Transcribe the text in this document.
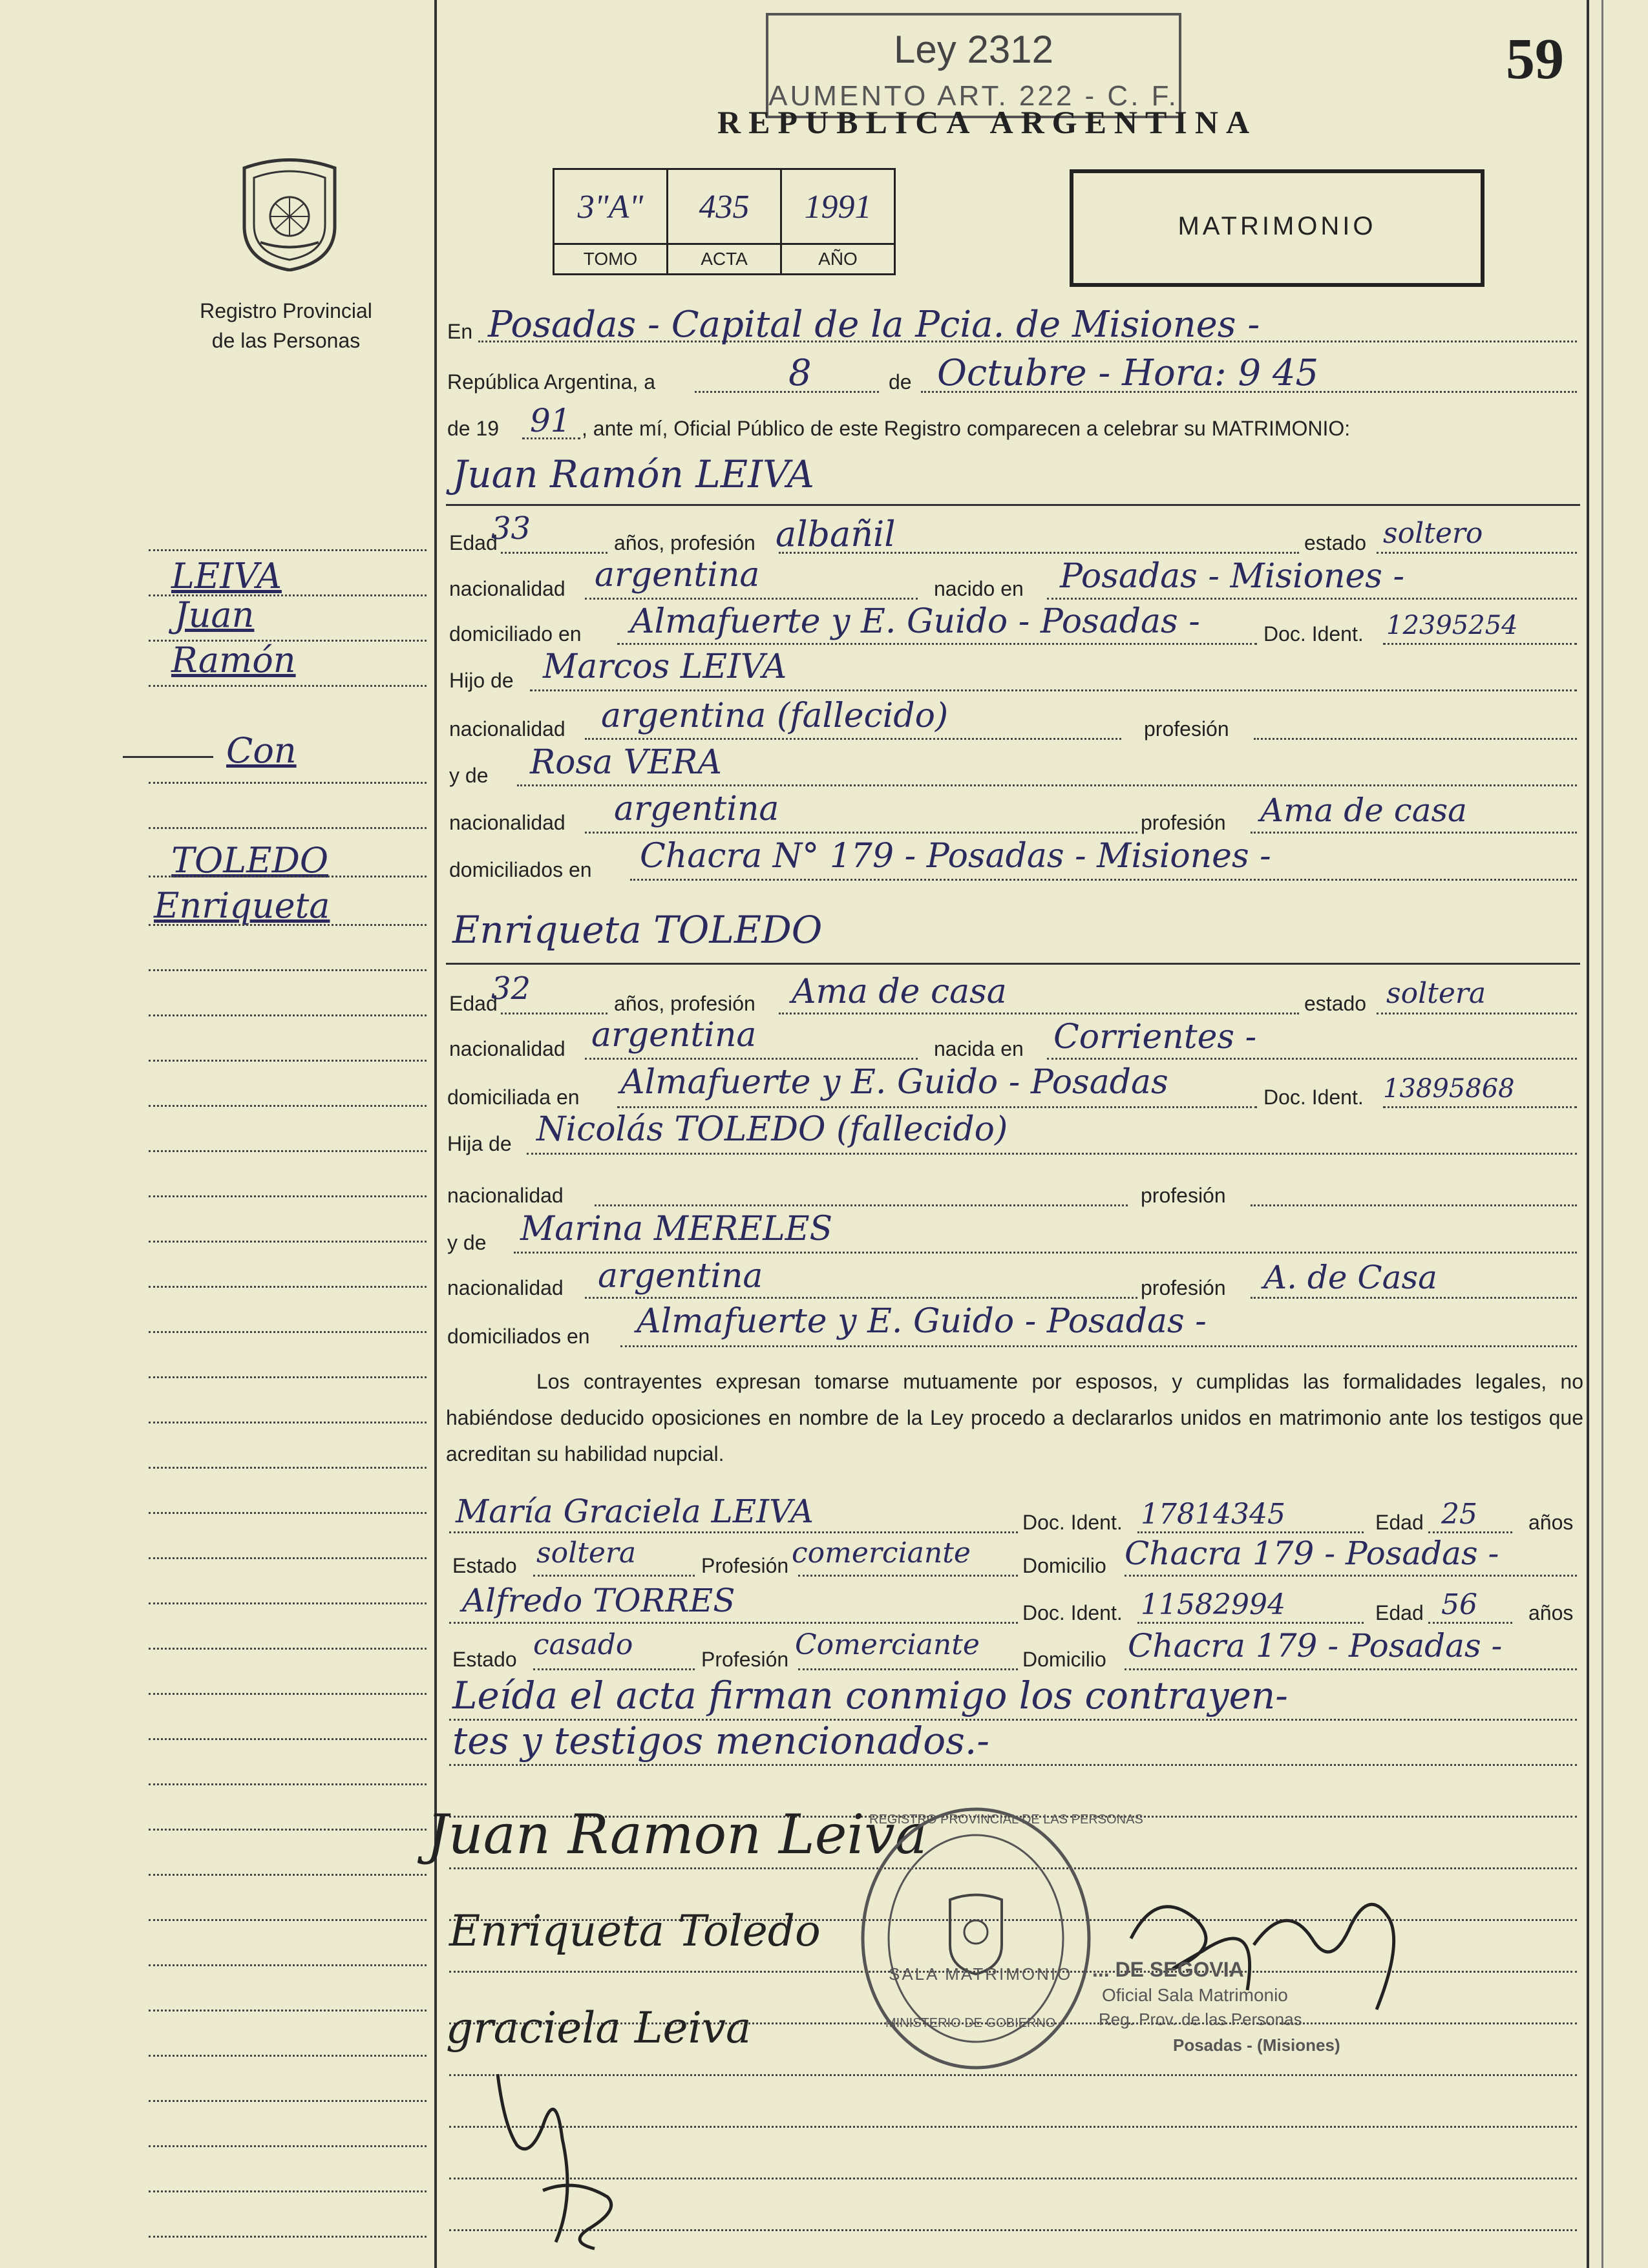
59
Ley 2312
AUMENTO ART. 222 - C. F.
REPUBLICA ARGENTINA
Registro Provincial
de las Personas
3"A"
TOMO
435
ACTA
1991
AÑO
MATRIMONIO
LEIVA
Juan
Ramón
Con
TOLEDO
Enriqueta
En Posadas - Capital de la Pcia. de Misiones -
República Argentina, a	8	de Octubre - Hora: 9 45
de 19 91 , ante mí, Oficial Público de este Registro comparecen a celebrar su MATRIMONIO:
Juan Ramón LEIVA
Edad
33	años, profesión albañil	estado soltero
nacionalidad argentina	nacido en Posadas - Misiones -
domiciliado en Almafuerte y E. Guido - Posadas -	Doc. Ident. 12395254
Hijo de Marcos LEIVA
nacionalidad argentina (fallecido)	profesión
y de Rosa VERA
nacionalidad argentina	profesión Ama de casa
domiciliados en Chacra N° 179 - Posadas - Misiones -
Enriqueta TOLEDO
Edad
32	años, profesión Ama de casa	estado soltera
nacionalidad argentina	nacida en Corrientes -
domiciliada en Almafuerte y E. Guido - Posadas	Doc. Ident. 13895868
Hija de Nicolás TOLEDO (fallecido)
nacionalidad	profesión
y de Marina MERELES
nacionalidad argentina	profesión A. de Casa
domiciliados en Almafuerte y E. Guido - Posadas -
Los contrayentes expresan tomarse mutuamente por esposos, y cumplidas las formalidades legales, no habiéndose deducido oposiciones en nombre de la Ley procedo a declararlos unidos en matrimonio ante los testigos que acreditan su habilidad nupcial.
María Graciela LEIVA	Doc. Ident. 17814345	Edad 25 años
Estado soltera	Profesión comerciante	Domicilio Chacra 179 - Posadas -
Alfredo TORRES	Doc. Ident. 11582994	Edad 56 años
Estado casado	Profesión Comerciante Domicilio Chacra 179 - Posadas -
Leída el acta firman conmigo los contrayen-
tes y testigos mencionados.-
Juan Ramon Leiva
Enriqueta Toledo
graciela Leiva
SALA MATRIMONIO
MINISTERIO DE GOBIERNO
REGISTRO PROVINCIAL DE LAS PERSONAS
... DE SEGOVIA
Oficial Sala Matrimonio
Reg. Prov. de las Personas
Posadas - (Misiones)
